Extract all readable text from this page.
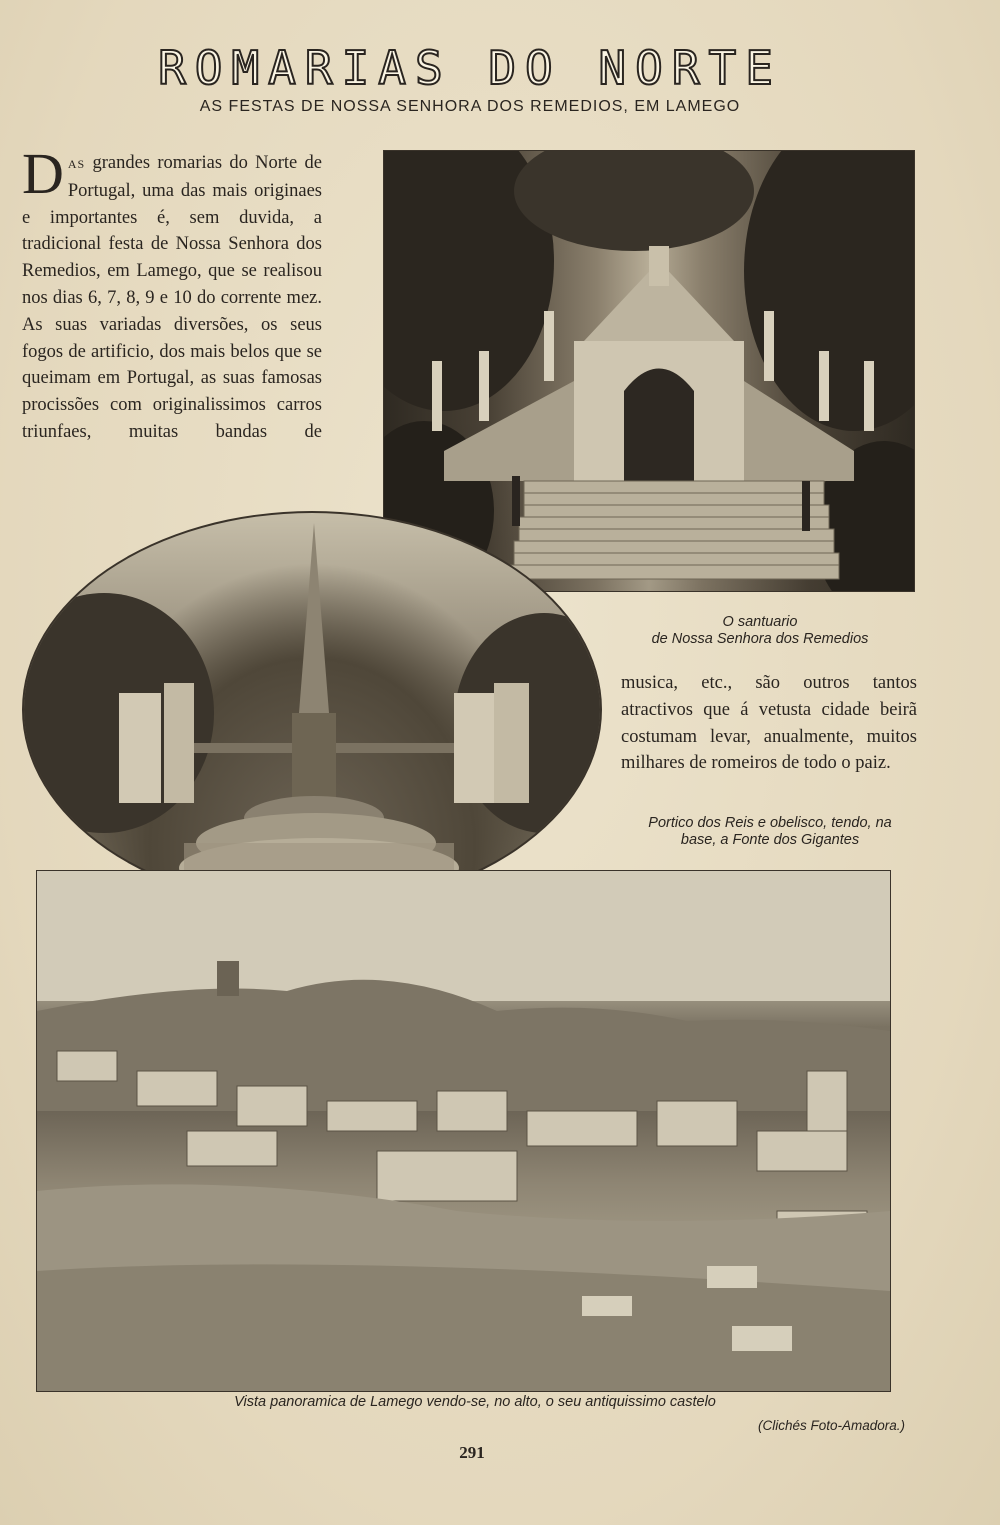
ROMARIAS DO NORTE
AS FESTAS DE NOSSA SENHORA DOS REMEDIOS, EM LAMEGO
DAS grandes romarias do Norte de Portugal, uma das mais originaes e importantes é, sem duvida, a tradicional festa de Nossa Senhora dos Remedios, em Lamego, que se realisou nos dias 6, 7, 8, 9 e 10 do corrente mez. As suas variadas diversões, os seus fogos de artificio, dos mais belos que se queimam em Portugal, as suas famosas procissões com originalissimos carros triunfaes, muitas bandas de
O santuario
de Nossa Senhora dos Remedios
musica, etc., são outros tantos atractivos que á vetusta cidade beirã costumam levar, anualmente, muitos milhares de romeiros de todo o paiz.
Portico dos Reis e obelisco, tendo, na
base, a Fonte dos Gigantes
Vista panoramica de Lamego vendo-se, no alto, o seu antiquissimo castelo
(Clichés Foto-Amadora.)
291
